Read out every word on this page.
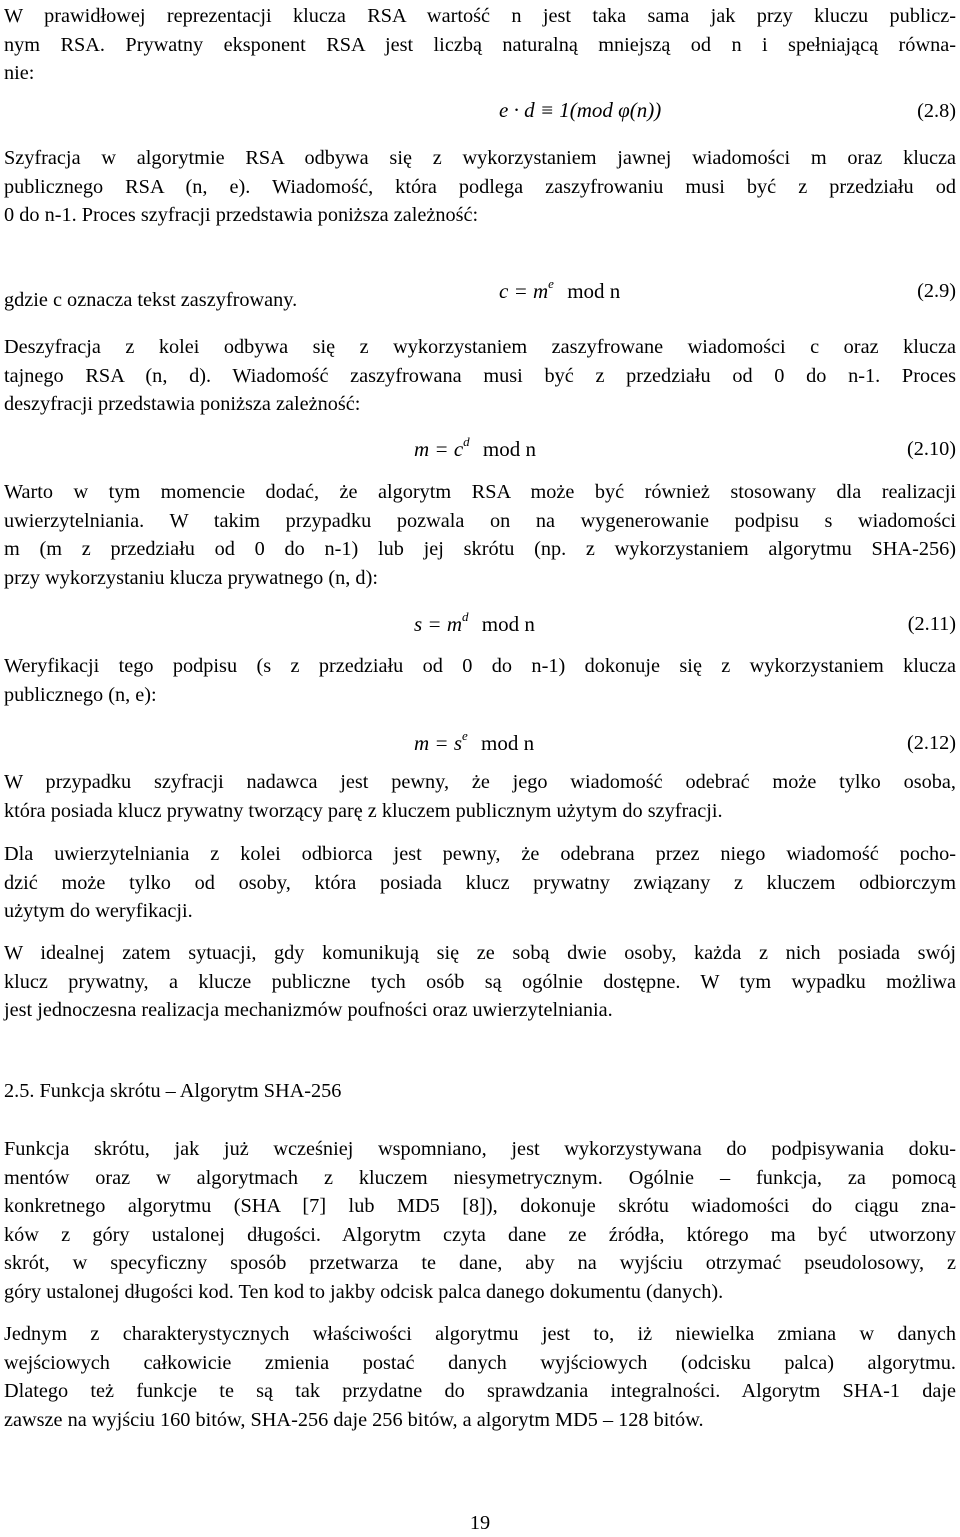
W prawidłowej reprezentacji klucza RSA wartość n jest taka sama jak przy kluczu publicz-
nym RSA. Prywatny eksponent RSA jest liczbą naturalną mniejszą od n i spełniającą równa-
nie:
e · d ≡ 1(mod φ(n))	(2.8)
Szyfracja w algorytmie RSA odbywa się z wykorzystaniem jawnej wiadomości m oraz klucza
publicznego RSA (n, e). Wiadomość, która podlega zaszyfrowaniu musi być z przedziału od
0 do n-1. Proces szyfracji przedstawia poniższa zależność:
$c = m^e$ mod n	(2.9)
gdzie c oznacza tekst zaszyfrowany.
Deszyfracja z kolei odbywa się z wykorzystaniem zaszyfrowane wiadomości c oraz klucza
tajnego RSA (n, d). Wiadomość zaszyfrowana musi być z przedziału od 0 do n-1. Proces
deszyfracji przedstawia poniższa zależność:
$m = c^d$ mod n	(2.10)
Warto w tym momencie dodać, że algorytm RSA może być również stosowany dla realizacji
uwierzytelniania. W takim przypadku pozwala on na wygenerowanie podpisu s wiadomości
m (m z przedziału od 0 do n-1) lub jej skrótu (np. z wykorzystaniem algorytmu SHA-256)
przy wykorzystaniu klucza prywatnego (n, d):
$s = m^d$ mod n	(2.11)
Weryfikacji tego podpisu (s z przedziału od 0 do n-1) dokonuje się z wykorzystaniem klucza
publicznego (n, e):
$m = s^e$ mod n	(2.12)
W przypadku szyfracji nadawca jest pewny, że jego wiadomość odebrać może tylko osoba,
która posiada klucz prywatny tworzący parę z kluczem publicznym użytym do szyfracji.
Dla uwierzytelniania z kolei odbiorca jest pewny, że odebrana przez niego wiadomość pocho-
dzić może tylko od osoby, która posiada klucz prywatny związany z kluczem odbiorczym
użytym do weryfikacji.
W idealnej zatem sytuacji, gdy komunikują się ze sobą dwie osoby, każda z nich posiada swój
klucz prywatny, a klucze publiczne tych osób są ogólnie dostępne. W tym wypadku możliwa
jest jednoczesna realizacja mechanizmów poufności oraz uwierzytelniania.
2.5. Funkcja skrótu – Algorytm SHA-256
Funkcja skrótu, jak już wcześniej wspomniano, jest wykorzystywana do podpisywania doku-
mentów oraz w algorytmach z kluczem niesymetrycznym. Ogólnie – funkcja, za pomocą
konkretnego algorytmu (SHA [7] lub MD5 [8]), dokonuje skrótu wiadomości do ciągu zna-
ków z góry ustalonej długości. Algorytm czyta dane ze źródła, którego ma być utworzony
skrót, w specyficzny sposób przetwarza te dane, aby na wyjściu otrzymać pseudolosowy, z
góry ustalonej długości kod. Ten kod to jakby odcisk palca danego dokumentu (danych).
Jednym z charakterystycznych właściwości algorytmu jest to, iż niewielka zmiana w danych
wejściowych całkowicie zmienia postać danych wyjściowych (odcisku palca) algorytmu.
Dlatego też funkcje te są tak przydatne do sprawdzania integralności. Algorytm SHA-1 daje
zawsze na wyjściu 160 bitów, SHA-256 daje 256 bitów, a algorytm MD5 – 128 bitów.
19
